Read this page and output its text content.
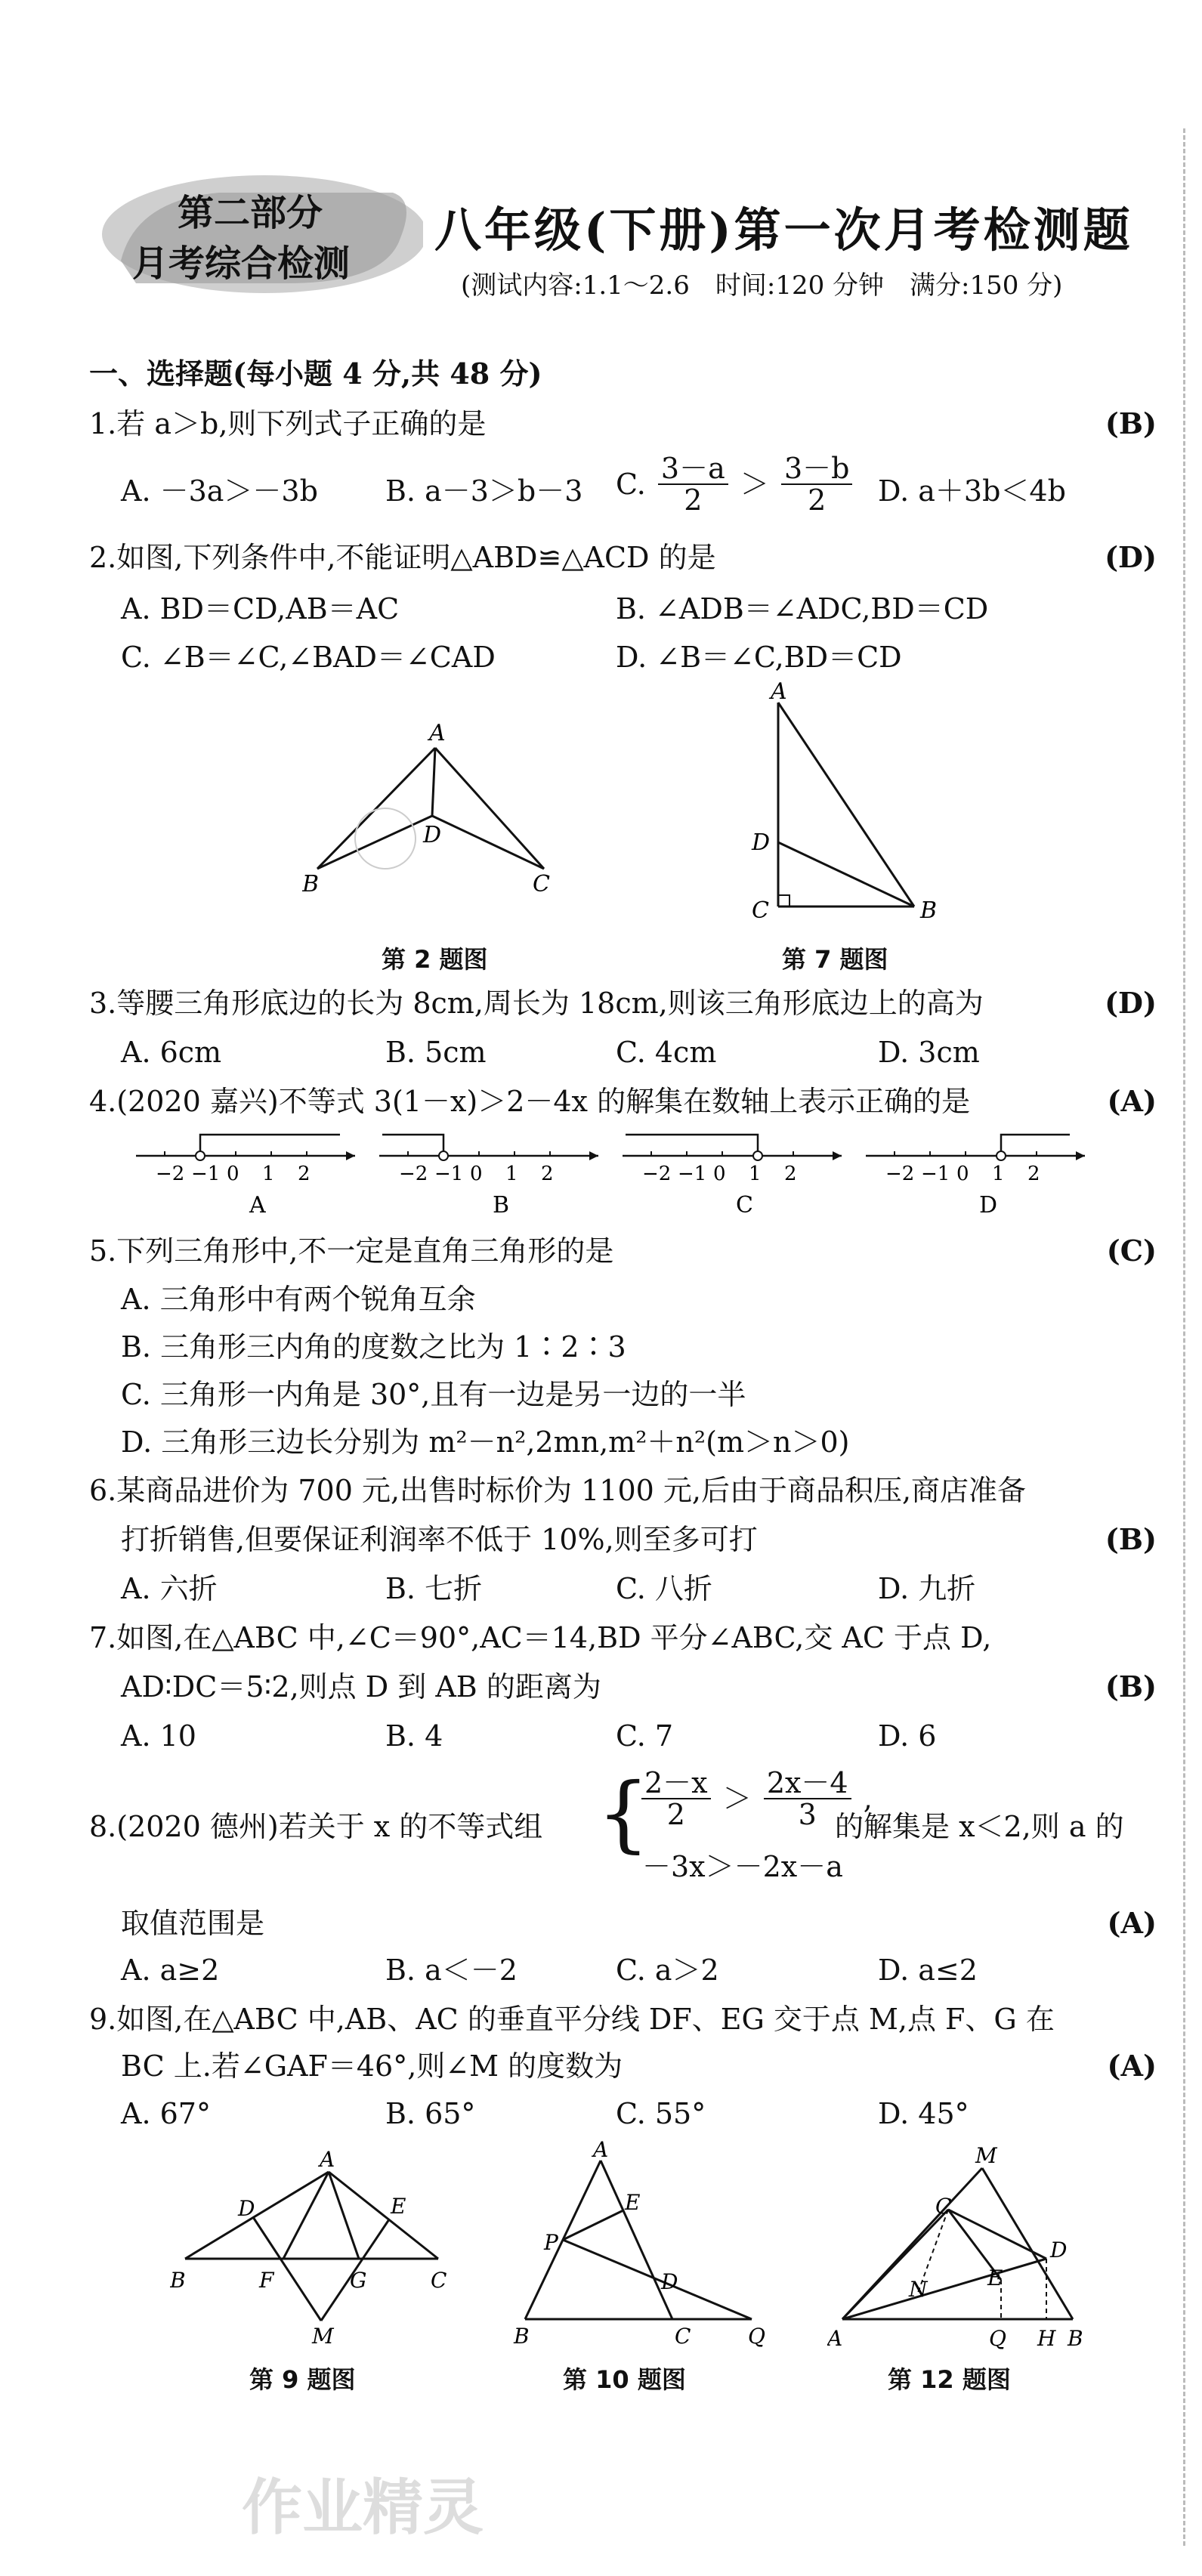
第二部分
月考综合检测
八年级(下册)第一次月考检测题
(测试内容:1.1～2.6　时间:120 分钟　满分:150 分)
一、选择题(每小题 4 分,共 48 分)
1.若 a＞b,则下列式子正确的是	(B)
A. －3a＞－3b B. a－3＞b－3 C. $\frac{3-a}{2} > \frac{3-b}{2} D$. a＋3b＜4b
2.如图,下列条件中,不能证明△ABD≌△ACD 的是	(D)
A. BD＝CD,AB＝AC	B. ∠ADB＝∠ADC,BD＝CD
C. ∠B＝∠C,∠BAD＝∠CAD	D. ∠B＝∠C,BD＝CD
A
B	C
D
第 2 题图
A
D
C	B
第 7 题图
3.等腰三角形底边的长为 8cm,周长为 18cm,则该三角形底边上的高为	(D)
A. 6cm	B. 5cm	C. 4cm	D. 3cm
4.(2020 嘉兴)不等式 3(1－x)＞2－4x 的解集在数轴上表示正确的是	(A)
−2 −1 0 1 2
A
−2 −1 0 1 2
B
−2 −1 0 1 2
C
−2 −1 0 1 2
D
5.下列三角形中,不一定是直角三角形的是	(C)
A. 三角形中有两个锐角互余
B. 三角形三内角的度数之比为 1∶2∶3
C. 三角形一内角是 30°,且有一边是另一边的一半
D. 三角形三边长分别为 m²－n²,2mn,m²＋n²(m＞n＞0)
6.某商品进价为 700 元,出售时标价为 1100 元,后由于商品积压,商店准备
打折销售,但要保证利润率不低于 10%,则至多可打	(B)
A. 六折	B. 七折	C. 八折	D. 九折
7.如图,在△ABC 中,∠C＝90°,AC＝14,BD 平分∠ABC,交 AC 于点 D,
AD∶DC＝5∶2,则点 D 到 AB 的距离为	(B)
A. 10	B. 4	C. 7	D. 6
8.(2020 德州)若关于 x 的不等式组 {
$\frac{2-x}{2} > \frac{2x-4}{3}$ ,
－3x＞－2x－a
的解集是 x＜2,则 a 的
取值范围是	(A)
A. a≥2	B. a＜－2	C. a＞2	D. a≤2
9.如图,在△ABC 中,AB、AC 的垂直平分线 DF、EG 交于点 M,点 F、G 在
BC 上.若∠GAF＝46°,则∠M 的度数为	(A)
A. 67°	B. 65°	C. 55°	D. 45°
A
B	C
D	E
F	G
M
第 9 题图
A
B	C
D
E
P
Q
第 10 题图
M
C
D
N
A	Q H B
E
第 12 题图
作业精灵
